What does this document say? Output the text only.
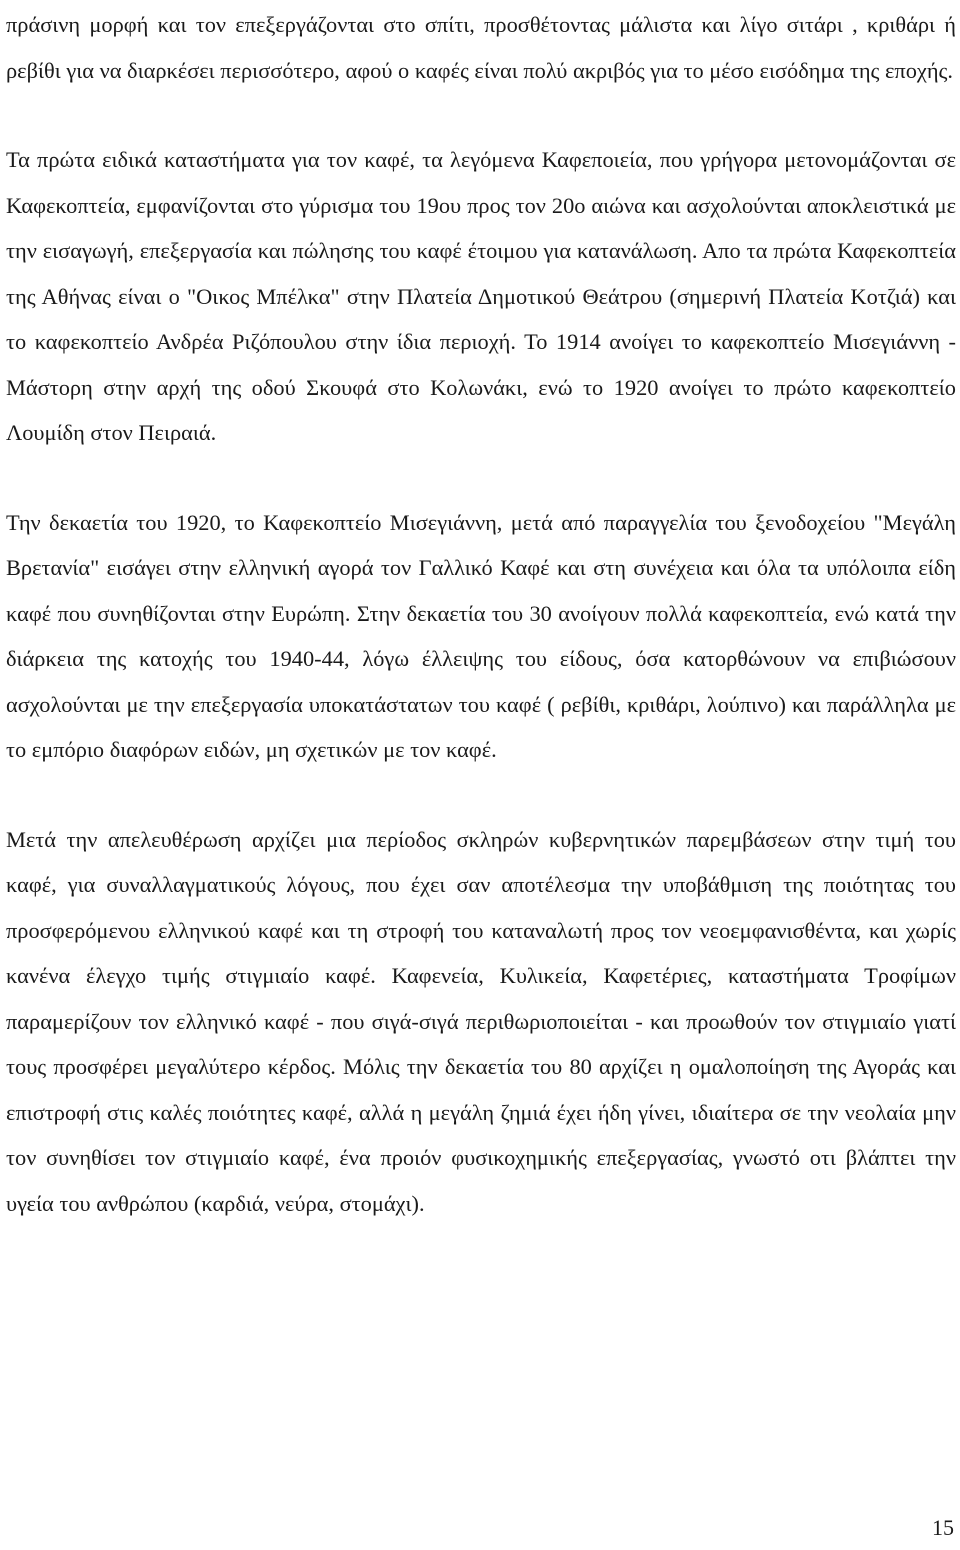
πράσινη μορφή και τον επεξεργάζονται στο σπίτι, προσθέτοντας μάλιστα και λίγο σιτάρι , κριθάρι ή ρεβίθι για να διαρκέσει περισσότερο, αφού ο καφές είναι πολύ ακριβός για το μέσο εισόδημα της εποχής.

Τα πρώτα ειδικά καταστήματα για τον καφέ, τα λεγόμενα Καφεποιεία, που γρήγορα μετονομάζονται σε Καφεκοπτεία, εμφανίζονται στο γύρισμα του 19ου προς τον 20ο αιώνα και ασχολούνται αποκλειστικά με την εισαγωγή, επεξεργασία και πώλησης του καφέ έτοιμου για κατανάλωση. Απο τα πρώτα Καφεκοπτεία της Αθήνας είναι ο "Οικος Μπέλκα" στην Πλατεία Δημοτικού Θεάτρου (σημερινή Πλατεία Κοτζιά) και το καφεκοπτείο Ανδρέα Ριζόπουλου στην ίδια περιοχή. Το 1914 ανοίγει το καφεκοπτείο Μισεγιάννη - Μάστορη στην αρχή της οδού Σκουφά στο Κολωνάκι, ενώ το 1920 ανοίγει το πρώτο καφεκοπτείο Λουμίδη στον Πειραιά.

Την δεκαετία του 1920, το Καφεκοπτείο Μισεγιάννη, μετά από παραγγελία του ξενοδοχείου "Μεγάλη Βρετανία" εισάγει στην ελληνική αγορά τον Γαλλικό Καφέ και στη συνέχεια και όλα τα υπόλοιπα είδη καφέ που συνηθίζονται στην Ευρώπη. Στην δεκαετία του 30 ανοίγουν πολλά καφεκοπτεία, ενώ κατά την διάρκεια της κατοχής του 1940-44, λόγω έλλειψης του είδους, όσα κατορθώνουν να επιβιώσουν ασχολούνται με την επεξεργασία υποκατάστατων του καφέ ( ρεβίθι, κριθάρι, λούπινο) και παράλληλα με το εμπόριο διαφόρων ειδών, μη σχετικών με τον καφέ.

Μετά την απελευθέρωση αρχίζει μια περίοδος σκληρών κυβερνητικών παρεμβάσεων στην τιμή του καφέ, για συναλλαγματικούς λόγους, που έχει σαν αποτέλεσμα την υποβάθμιση της ποιότητας του προσφερόμενου ελληνικού καφέ και τη στροφή του καταναλωτή προς τον νεοεμφανισθέντα, και χωρίς κανένα έλεγχο τιμής στιγμιαίο καφέ. Καφενεία, Κυλικεία, Καφετέριες, καταστήματα Τροφίμων παραμερίζουν τον ελληνικό καφέ - που σιγά-σιγά περιθωριοποιείται - και προωθούν τον στιγμιαίο γιατί τους προσφέρει μεγαλύτερο κέρδος. Μόλις την δεκαετία του 80 αρχίζει η ομαλοποίηση της Αγοράς και επιστροφή στις καλές ποιότητες καφέ, αλλά η μεγάλη ζημιά έχει ήδη γίνει, ιδιαίτερα σε την νεολαία μην τον συνηθίσει τον στιγμιαίο καφέ, ένα προιόν φυσικοχημικής επεξεργασίας, γνωστό οτι βλάπτει την υγεία του ανθρώπου (καρδιά, νεύρα, στομάχι).

15
